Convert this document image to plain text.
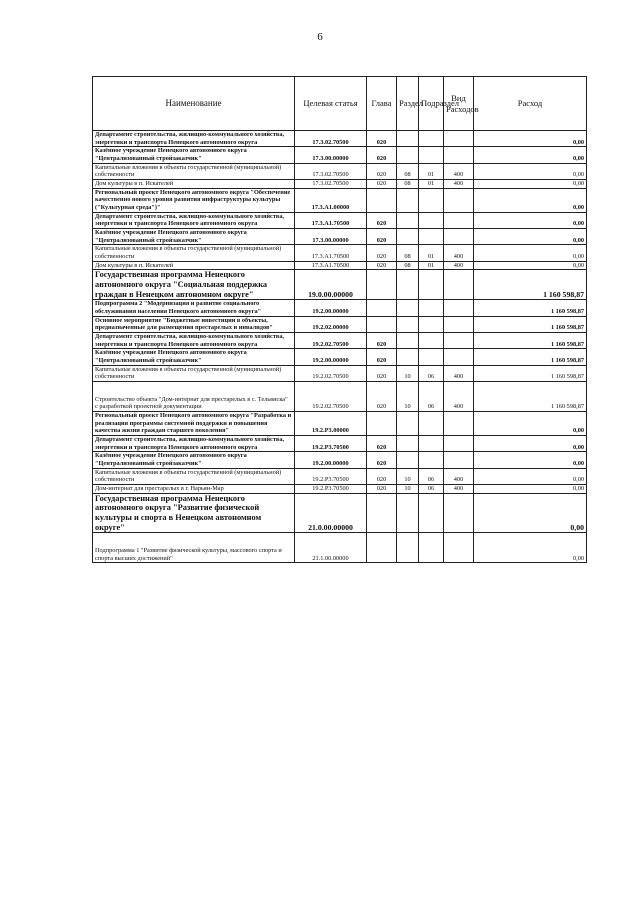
6
Наименование	Целевая статья	Глава	Раздел	Подраздел	Вид Расходов	Расход
Департамент строительства, жилищно-коммунального хозяйства, энергетики и транспорта Ненецкого автономного округа	17.3.02.70500	020				0,00
Казённое учреждение Ненецкого автономного округа "Централизованный стройзаказчик"	17.3.00.00000	020				0,00
Капитальные вложения в объекты государственной (муниципальной) собственности	17.3.02.70500	020	08	01	400	0,00
Дом культуры в п. Искателей	17.3.02.70500	020	08	01	400	0,00
Региональный проект Ненецкого автономного округа "Обеспечение качественно нового уровня развития инфраструктуры культуры ("Культурная среда")"	17.3.A1.00000					0,00
Департамент строительства, жилищно-коммунального хозяйства, энергетики и транспорта Ненецкого автономного округа	17.3.A1.70500	020				0,00
Казённое учреждение Ненецкого автономного округа "Централизованный стройзаказчик"	17.3.00.00000	020				0,00
Капитальные вложения в объекты государственной (муниципальной) собственности	17.3.A1.70500	020	08	01	400	0,00
Дом культуры в п. Искателей	17.3.A1.70500	020	08	01	400	0,00
Государственная программа Ненецкого автономного округа "Социальная поддержка граждан в Ненецком автономном округе"	19.0.00.00000					1 160 598,87
Подпрограмма 2 "Модернизация и развитие социального обслуживания населения Ненецкого автономного округа"	19.2.00.00000					1 160 598,87
Основное мероприятие "Бюджетные инвестиции в объекты, предназначенные для размещения престарелых и инвалидов"	19.2.02.00000					1 160 598,87
Департамент строительства, жилищно-коммунального хозяйства, энергетики и транспорта Ненецкого автономного округа	19.2.02.70500	020				1 160 598,87
Казённое учреждение Ненецкого автономного округа "Централизованный стройзаказчик"	19.2.00.00000	020				1 160 598,87
Капитальные вложения в объекты государственной (муниципальной) собственности	19.2.02.70500	020	10	06	400	1 160 598,87
Строительство объекта "Дом-интернат для престарелых в с. Тельвиска" с разработкой проектной документации	19.2.02.70500	020	10	06	400	1 160 598,87
Региональный проект Ненецкого автономного округа "Разработка и реализация программы системной поддержки и повышения качества жизни граждан старшего поколения"	19.2.P3.00000					0,00
Департамент строительства, жилищно-коммунального хозяйства, энергетики и транспорта Ненецкого автономного округа	19.2.P3.70500	020				0,00
Казённое учреждение Ненецкого автономного округа "Централизованный стройзаказчик"	19.2.00.00000	020				0,00
Капитальные вложения в объекты государственной (муниципальной) собственности	19.2.P3.70500	020	10	06	400	0,00
Дом-интернат для престарелых в г. Нарьян-Мар	19.2.P3.70500	020	10	06	400	0,00
Государственная программа Ненецкого автономного округа "Развитие физической культуры и спорта в Ненецком автономном округе"	21.0.00.00000					0,00
Подпрограмма 1 "Развитие физической культуры, массового спорта и спорта высших достижений"	21.1.00.00000					0,00
